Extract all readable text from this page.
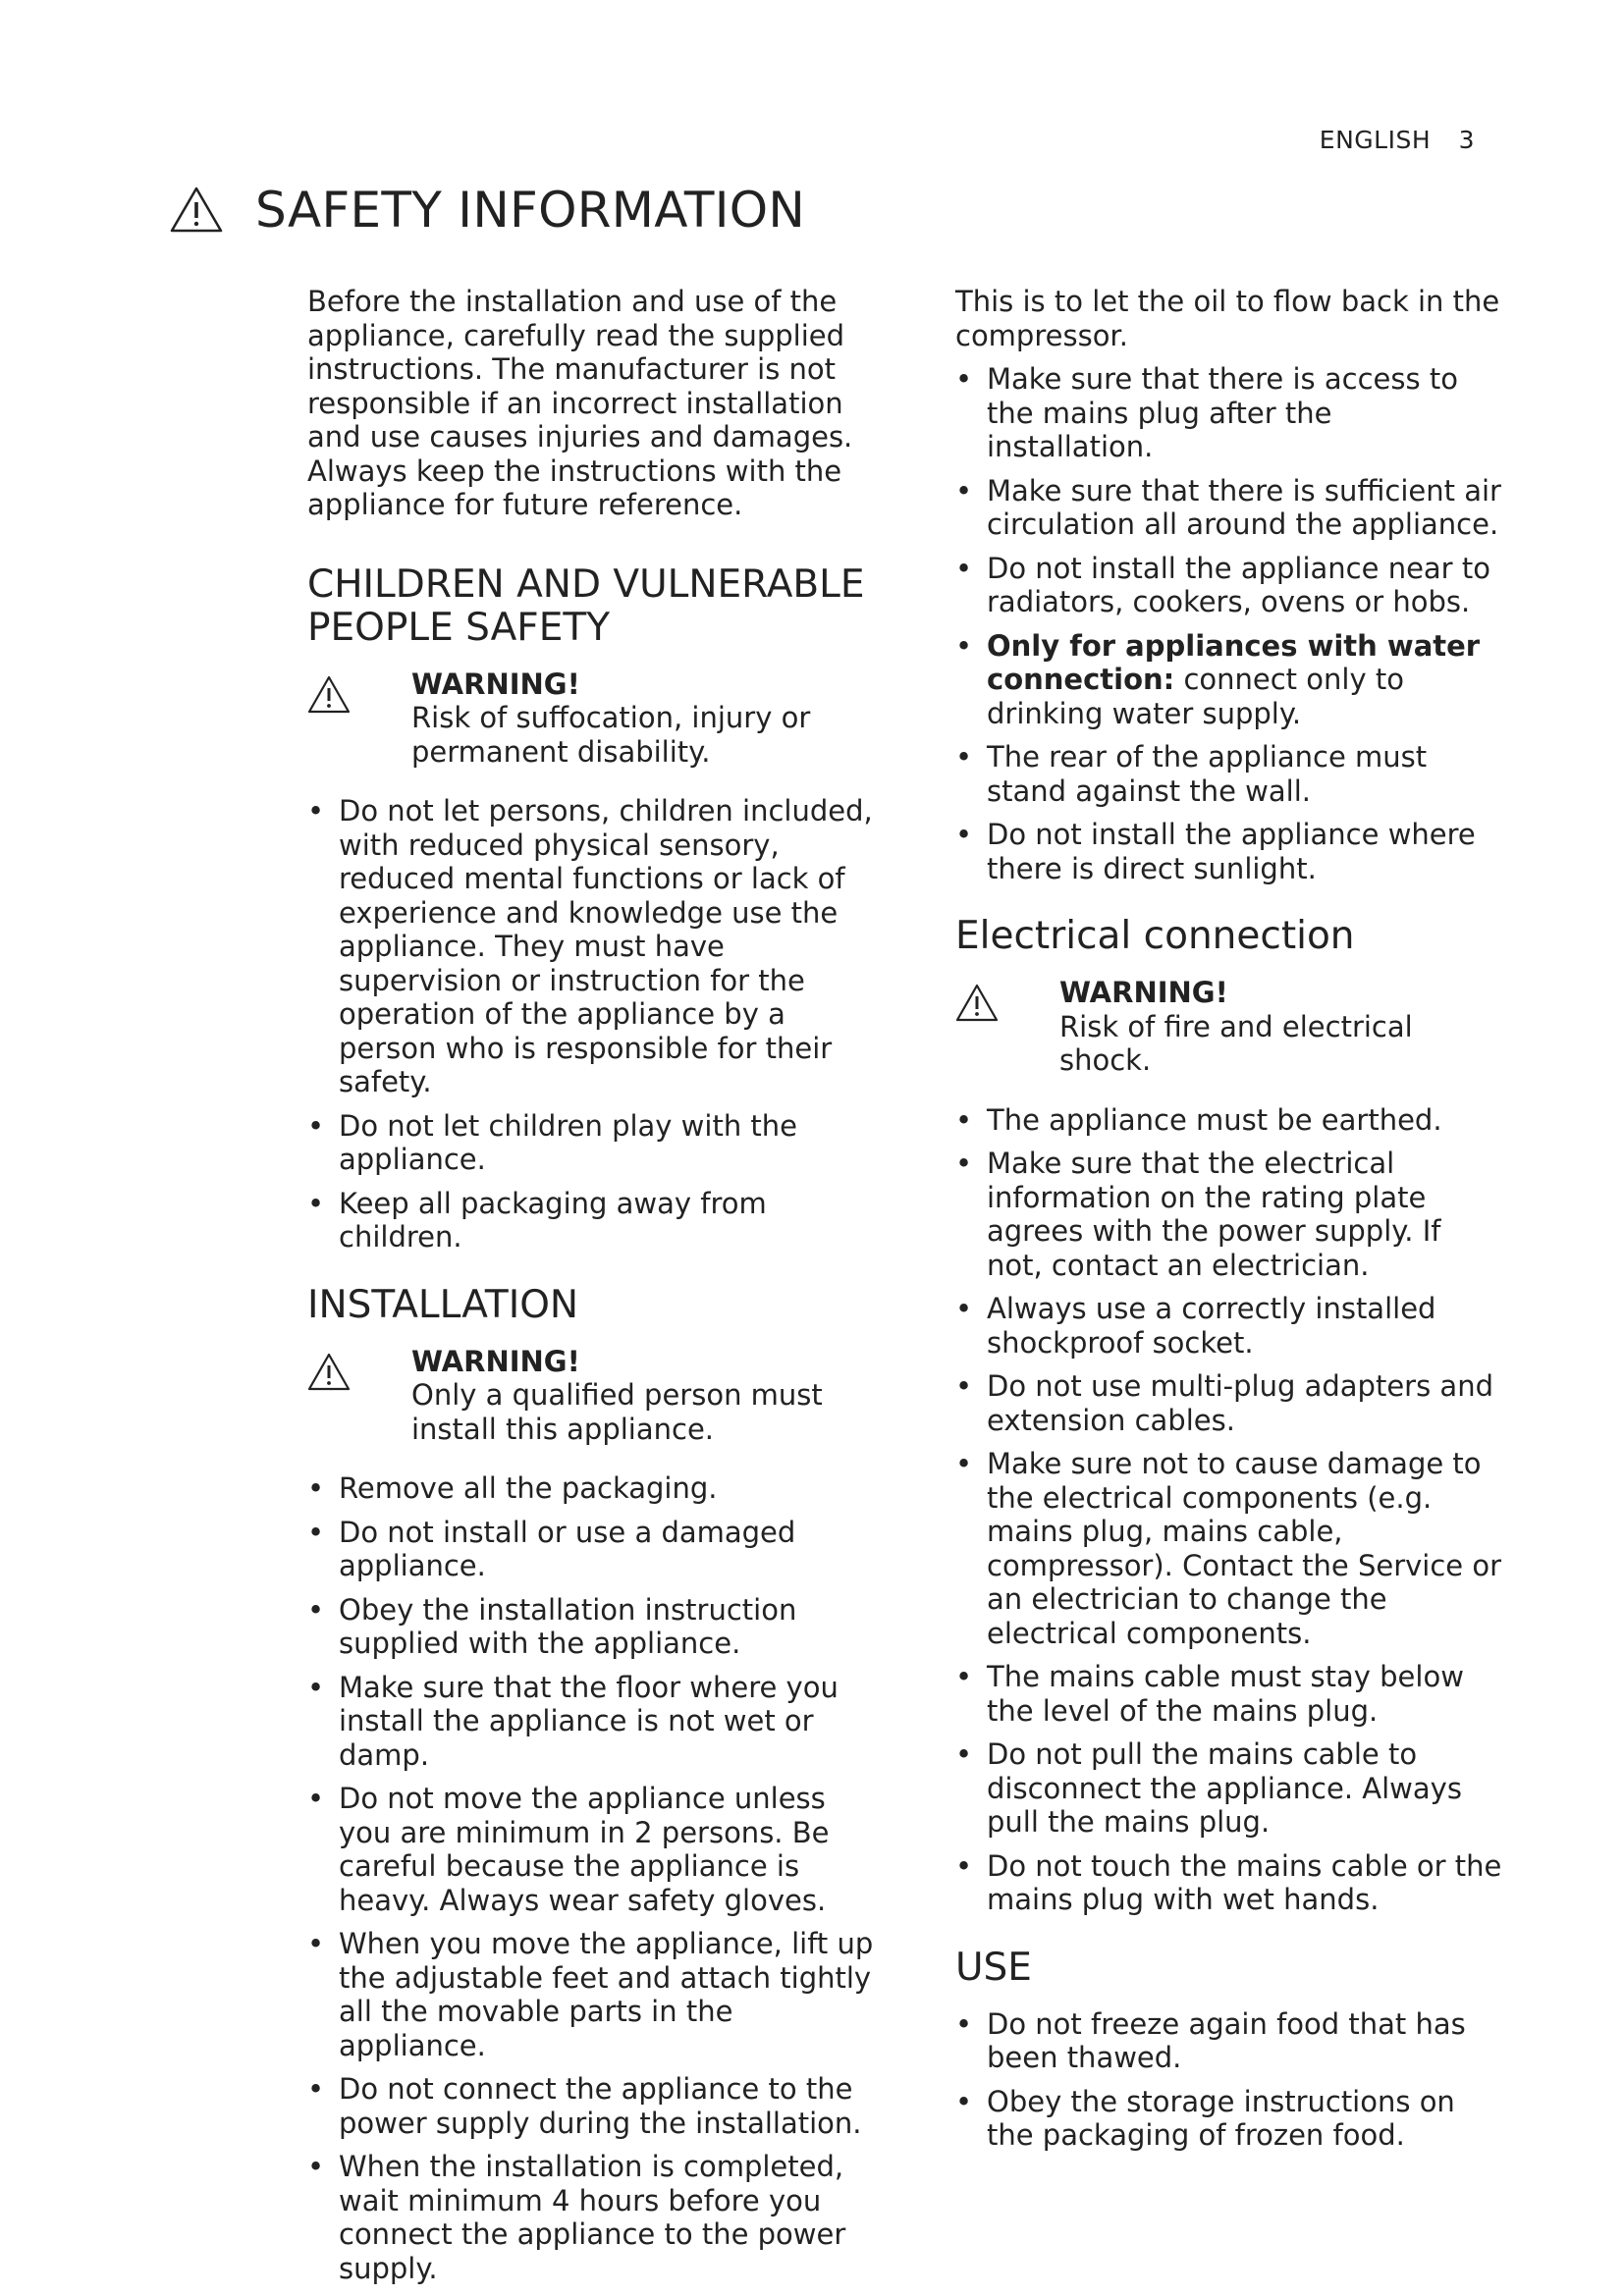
ENGLISH 3
SAFETY INFORMATION

Before the installation and use of the appliance, carefully read the supplied instructions. The manufacturer is not responsible if an incorrect installation and use causes injuries and damages. Always keep the instructions with the appliance for future reference.

CHILDREN AND VULNERABLE PEOPLE SAFETY
WARNING!
Risk of suffocation, injury or permanent disability.
• Do not let persons, children included, with reduced physical sensory, reduced mental functions or lack of experience and knowledge use the appliance. They must have supervision or instruction for the operation of the appliance by a person who is responsible for their safety.
• Do not let children play with the appliance.
• Keep all packaging away from children.
INSTALLATION
WARNING!
Only a qualified person must install this appliance.
• Remove all the packaging.
• Do not install or use a damaged appliance.
• Obey the installation instruction supplied with the appliance.
• Make sure that the floor where you install the appliance is not wet or damp.
• Do not move the appliance unless you are minimum in 2 persons. Be careful because the appliance is heavy. Always wear safety gloves.
• When you move the appliance, lift up the adjustable feet and attach tightly all the movable parts in the appliance.
• Do not connect the appliance to the power supply during the installation.
• When the installation is completed, wait minimum 4 hours before you connect the appliance to the power supply.

This is to let the oil to flow back in the compressor.

• Make sure that there is access to the mains plug after the installation.
• Make sure that there is sufficient air circulation all around the appliance.
• Do not install the appliance near to radiators, cookers, ovens or hobs.
• Only for appliances with water connection: connect only to drinking water supply.
• The rear of the appliance must stand against the wall.
• Do not install the appliance where there is direct sunlight.
Electrical connection
WARNING!
Risk of fire and electrical shock.
• The appliance must be earthed.
• Make sure that the electrical information on the rating plate agrees with the power supply. If not, contact an electrician.
• Always use a correctly installed shockproof socket.
• Do not use multi-plug adapters and extension cables.
• Make sure not to cause damage to the electrical components (e.g. mains plug, mains cable, compressor). Contact the Service or an electrician to change the electrical components.
• The mains cable must stay below the level of the mains plug.
• Do not pull the mains cable to disconnect the appliance. Always pull the mains plug.
• Do not touch the mains cable or the mains plug with wet hands.
USE
• Do not freeze again food that has been thawed.
• Obey the storage instructions on the packaging of frozen food.
